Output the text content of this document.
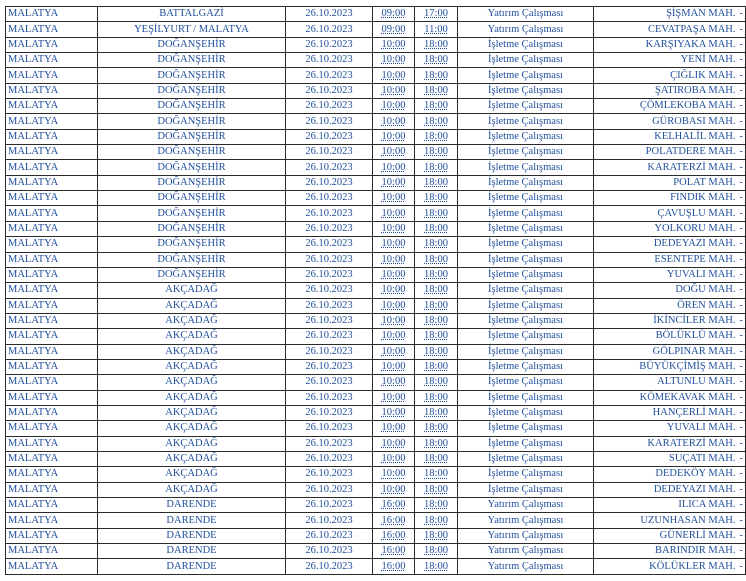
MALATYA	BATTALGAZİ	26.10.2023	09:00	17:00	Yatırım Çalışması	ŞİŞMAN MAH. -
MALATYA	YEŞİLYURT / MALATYA	26.10.2023	09:00	11:00	Yatırım Çalışması	CEVATPAŞA MAH. -
MALATYA	DOĞANŞEHİR	26.10.2023	10:00	18:00	İşletme Çalışması	KARŞIYAKA MAH. -
MALATYA	DOĞANŞEHİR	26.10.2023	10:00	18:00	İşletme Çalışması	YENİ MAH. -
MALATYA	DOĞANŞEHİR	26.10.2023	10:00	18:00	İşletme Çalışması	ÇIĞLIK MAH. -
MALATYA	DOĞANŞEHİR	26.10.2023	10:00	18:00	İşletme Çalışması	ŞATIROBA MAH. -
MALATYA	DOĞANŞEHİR	26.10.2023	10:00	18:00	İşletme Çalışması	ÇÖMLEKOBA MAH. -
MALATYA	DOĞANŞEHİR	26.10.2023	10:00	18:00	İşletme Çalışması	GÜROBASI MAH. -
MALATYA	DOĞANŞEHİR	26.10.2023	10:00	18:00	İşletme Çalışması	KELHALİL MAH. -
MALATYA	DOĞANŞEHİR	26.10.2023	10:00	18:00	İşletme Çalışması	POLATDERE MAH. -
MALATYA	DOĞANŞEHİR	26.10.2023	10:00	18:00	İşletme Çalışması	KARATERZİ MAH. -
MALATYA	DOĞANŞEHİR	26.10.2023	10:00	18:00	İşletme Çalışması	POLAT MAH. -
MALATYA	DOĞANŞEHİR	26.10.2023	10:00	18:00	İşletme Çalışması	FINDIK MAH. -
MALATYA	DOĞANŞEHİR	26.10.2023	10:00	18:00	İşletme Çalışması	ÇAVUŞLU MAH. -
MALATYA	DOĞANŞEHİR	26.10.2023	10:00	18:00	İşletme Çalışması	YOLKORU MAH. -
MALATYA	DOĞANŞEHİR	26.10.2023	10:00	18:00	İşletme Çalışması	DEDEYAZI MAH. -
MALATYA	DOĞANŞEHİR	26.10.2023	10:00	18:00	İşletme Çalışması	ESENTEPE MAH. -
MALATYA	DOĞANŞEHİR	26.10.2023	10:00	18:00	İşletme Çalışması	YUVALI MAH. -
MALATYA	AKÇADAĞ	26.10.2023	10:00	18:00	İşletme Çalışması	DOĞU MAH. -
MALATYA	AKÇADAĞ	26.10.2023	10:00	18:00	İşletme Çalışması	ÖREN MAH. -
MALATYA	AKÇADAĞ	26.10.2023	10:00	18:00	İşletme Çalışması	İKİNCİLER MAH. -
MALATYA	AKÇADAĞ	26.10.2023	10:00	18:00	İşletme Çalışması	BÖLÜKLÜ MAH. -
MALATYA	AKÇADAĞ	26.10.2023	10:00	18:00	İşletme Çalışması	GÖLPINAR MAH. -
MALATYA	AKÇADAĞ	26.10.2023	10:00	18:00	İşletme Çalışması	BÜYÜKÇİMİŞ MAH. -
MALATYA	AKÇADAĞ	26.10.2023	10:00	18:00	İşletme Çalışması	ALTUNLU MAH. -
MALATYA	AKÇADAĞ	26.10.2023	10:00	18:00	İşletme Çalışması	KÖMEKAVAK MAH. -
MALATYA	AKÇADAĞ	26.10.2023	10:00	18:00	İşletme Çalışması	HANÇERLİ MAH. -
MALATYA	AKÇADAĞ	26.10.2023	10:00	18:00	İşletme Çalışması	YUVALI MAH. -
MALATYA	AKÇADAĞ	26.10.2023	10:00	18:00	İşletme Çalışması	KARATERZİ MAH. -
MALATYA	AKÇADAĞ	26.10.2023	10:00	18:00	İşletme Çalışması	SUÇATI MAH. -
MALATYA	AKÇADAĞ	26.10.2023	10:00	18:00	İşletme Çalışması	DEDEKÖY MAH. -
MALATYA	AKÇADAĞ	26.10.2023	10:00	18:00	İşletme Çalışması	DEDEYAZI MAH. -
MALATYA	DARENDE	26.10.2023	16:00	18:00	Yatırım Çalışması	ILICA MAH. -
MALATYA	DARENDE	26.10.2023	16:00	18:00	Yatırım Çalışması	UZUNHASAN MAH. -
MALATYA	DARENDE	26.10.2023	16:00	18:00	Yatırım Çalışması	GÜNERLİ MAH. -
MALATYA	DARENDE	26.10.2023	16:00	18:00	Yatırım Çalışması	BARINDIR MAH. -
MALATYA	DARENDE	26.10.2023	16:00	18:00	Yatırım Çalışması	KÖLÜKLER MAH. -
